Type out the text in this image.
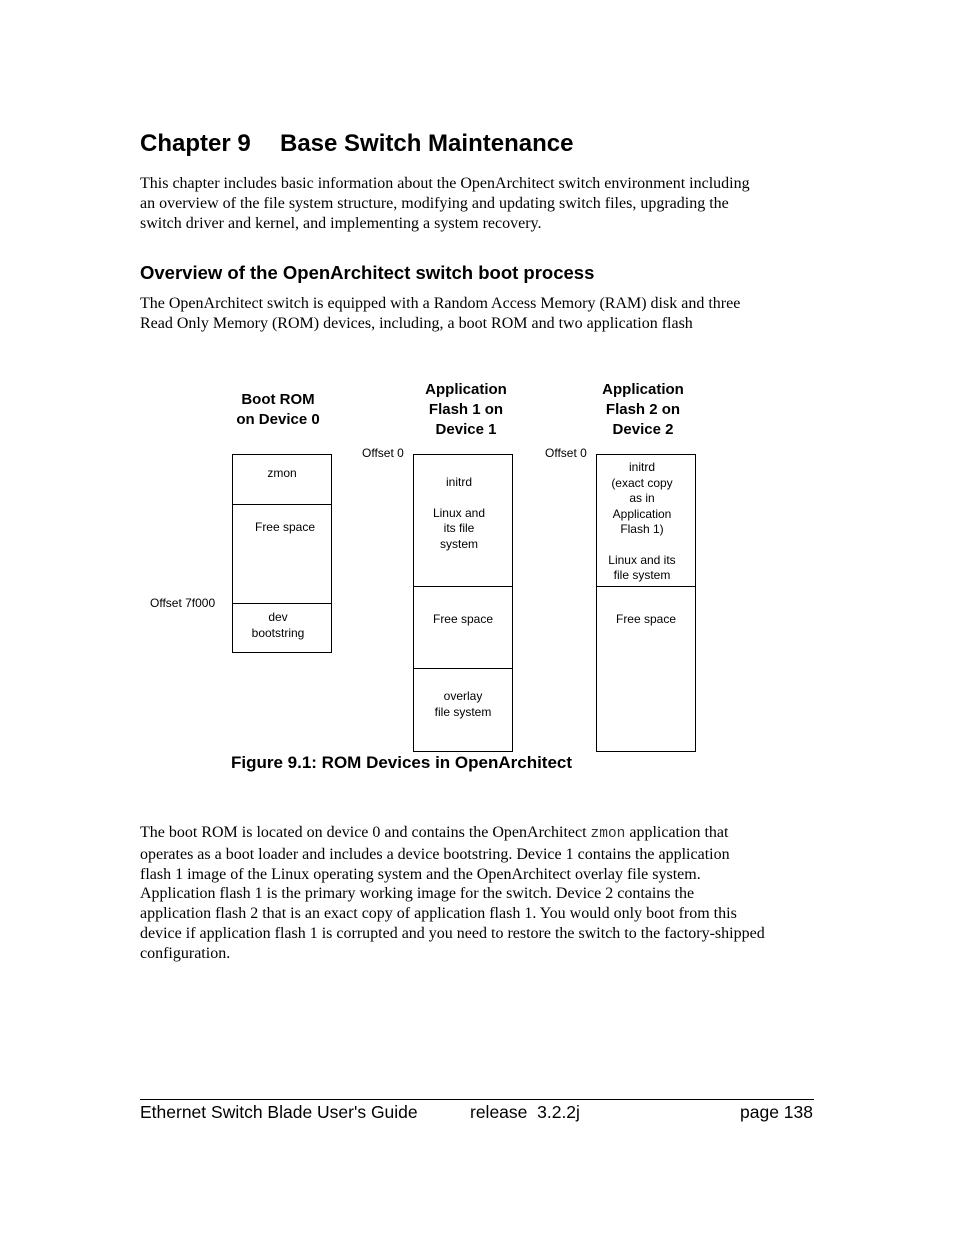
Chapter 9 Base Switch Maintenance
This chapter includes basic information about the OpenArchitect switch environment including
an overview of the file system structure, modifying and updating switch files, upgrading the
switch driver and kernel, and implementing a system recovery.
Overview of the OpenArchitect switch boot process
The OpenArchitect switch is equipped with a Random Access Memory (RAM) disk and three
Read Only Memory (ROM) devices, including, a boot ROM and two application flash
Boot ROM
on Device 0
zmon
Free space
dev
bootstring
Offset 7f000
Application
Flash 1 on
Device 1
Offset 0
initrd
Linux and
its file
system
Free space
overlay
file system
Application
Flash 2 on
Device 2
Offset 0
initrd
(exact copy
as in
Application
Flash 1)
Linux and its
file system
Free space
Figure 9.1: ROM Devices in OpenArchitect
The boot ROM is located on device 0 and contains the OpenArchitect zmon application that
operates as a boot loader and includes a device bootstring. Device 1 contains the application
flash 1 image of the Linux operating system and the OpenArchitect overlay file system.
Application flash 1 is the primary working image for the switch. Device 2 contains the
application flash 2 that is an exact copy of application flash 1. You would only boot from this
device if application flash 1 is corrupted and you need to restore the switch to the factory-shipped
configuration.
Ethernet Switch Blade User's Guide	release  3.2.2j	page 138
